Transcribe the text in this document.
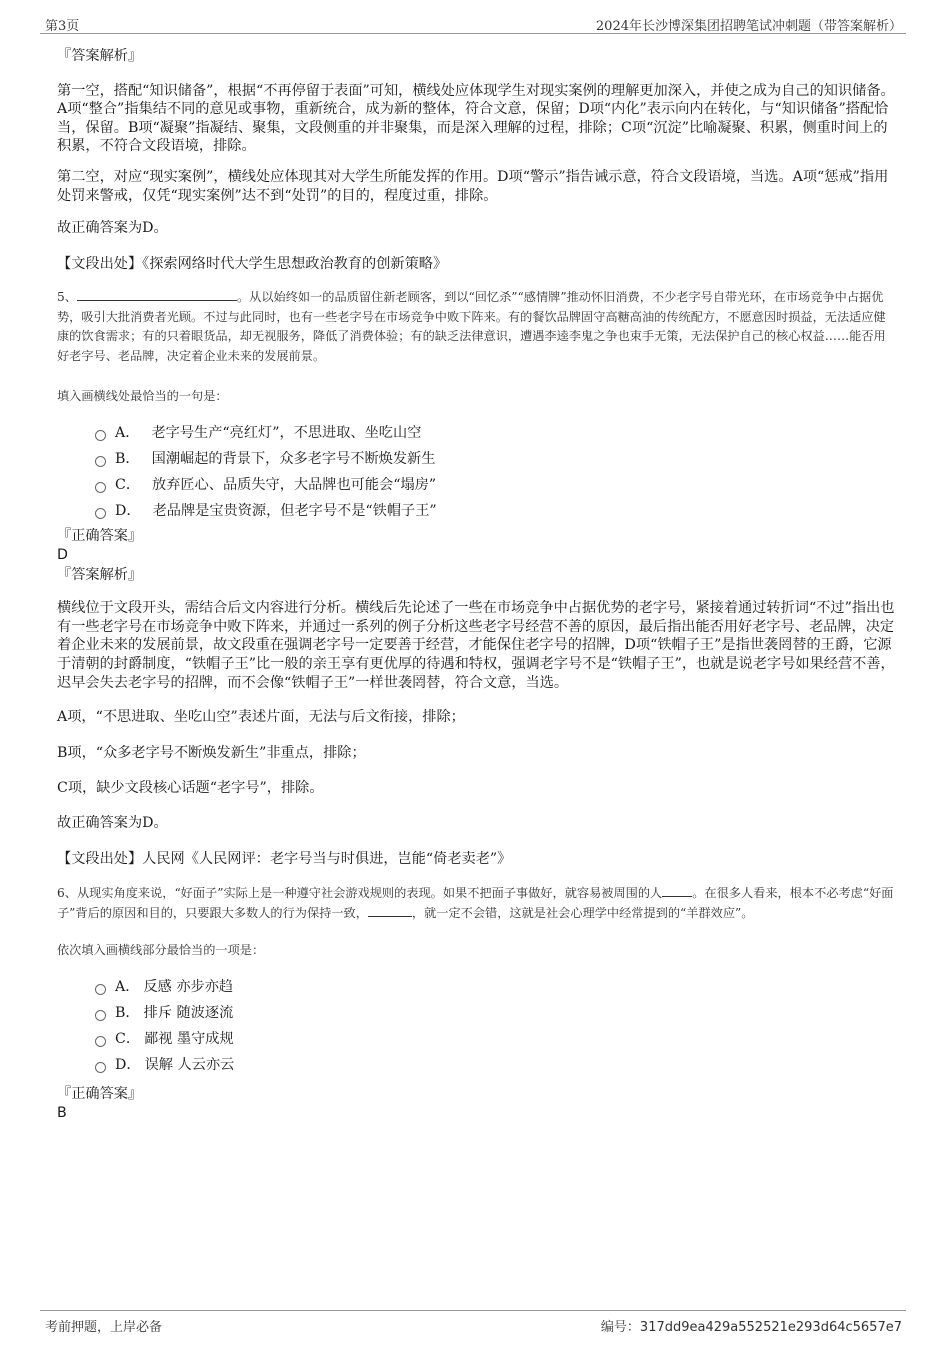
第3页	2024年长沙博深集团招聘笔试冲刺题（带答案解析）
『答案解析』

第一空，搭配“知识储备”，根据“不再停留于表面”可知，横线处应体现学生对现实案例的理解更加深入，并使之成为自己的知识储备。A项“整合”指集结不同的意见或事物，重新统合，成为新的整体，符合文意，保留；D项“内化”表示向内在转化，与“知识储备”搭配恰当，保留。B项“凝聚”指凝结、聚集，文段侧重的并非聚集，而是深入理解的过程，排除；C项“沉淀”比喻凝聚、积累，侧重时间上的积累，不符合文段语境，排除。

第二空，对应“现实案例”，横线处应体现其对大学生所能发挥的作用。D项“警示”指告诫示意，符合文段语境，当选。A项“惩戒”指用处罚来警戒，仅凭“现实案例”达不到“处罚”的目的，程度过重，排除。

故正确答案为D。

【文段出处】《探索网络时代大学生思想政治教育的创新策略》

5、	。从以始终如一的品质留住新老顾客，到以“回忆杀”“感情牌”推动怀旧消费，不少老字号自带光环，在市场竞争中占据优势，吸引大批消费者光顾。不过与此同时，也有一些老字号在市场竞争中败下阵来。有的餐饮品牌固守高糖高油的传统配方，不愿意因时损益，无法适应健康的饮食需求；有的只着眼货品，却无视服务，降低了消费体验；有的缺乏法律意识，遭遇李逵李鬼之争也束手无策，无法保护自己的核心权益……能否用好老字号、老品牌，决定着企业未来的发展前景。

填入画横线处最恰当的一句是：

A． 老字号生产“亮红灯”，不思进取、坐吃山空
B． 国潮崛起的背景下，众多老字号不断焕发新生
C． 放弃匠心、品质失守，大品牌也可能会“塌房”
D． 老品牌是宝贵资源，但老字号不是“铁帽子王”
『正确答案』
D
『答案解析』

横线位于文段开头，需结合后文内容进行分析。横线后先论述了一些在市场竞争中占据优势的老字号，紧接着通过转折词“不过”指出也有一些老字号在市场竞争中败下阵来，并通过一系列的例子分析这些老字号经营不善的原因，最后指出能否用好老字号、老品牌，决定着企业未来的发展前景，故文段重在强调老字号一定要善于经营，才能保住老字号的招牌，D项“铁帽子王”是指世袭罔替的王爵，它源于清朝的封爵制度，“铁帽子王”比一般的亲王享有更优厚的待遇和特权，强调老字号不是“铁帽子王”，也就是说老字号如果经营不善，迟早会失去老字号的招牌，而不会像“铁帽子王”一样世袭罔替，符合文意，当选。

A项，“不思进取、坐吃山空”表述片面，无法与后文衔接，排除；

B项，“众多老字号不断焕发新生”非重点，排除；

C项，缺少文段核心话题“老字号”，排除。

故正确答案为D。

【文段出处】人民网《人民网评：老字号当与时俱进，岂能“倚老卖老”》

6、从现实角度来说，“好面子”实际上是一种遵守社会游戏规则的表现。如果不把面子事做好，就容易被周围的人 。在很多人看来，根本不必考虑“好面子”背后的原因和目的，只要跟大多数人的行为保持一致，	，就一定不会错，这就是社会心理学中经常提到的“羊群效应”。

依次填入画横线部分最恰当的一项是：

A． 反感 亦步亦趋
B． 排斥 随波逐流
C． 鄙视 墨守成规
D． 误解 人云亦云
『正确答案』
B
考前押题，上岸必备	编号：317dd9ea429a552521e293d64c5657e7
